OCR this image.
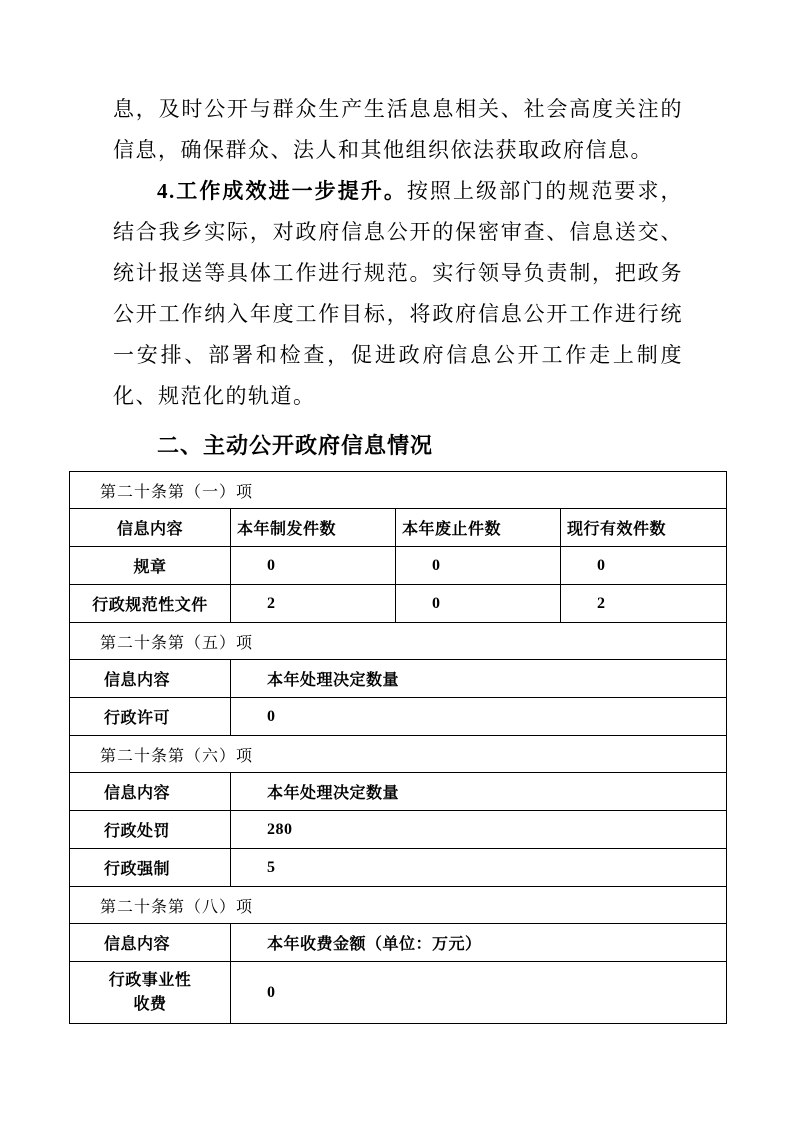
息，及时公开与群众生产生活息息相关、社会高度关注的信息，确保群众、法人和其他组织依法获取政府信息。

4.工作成效进一步提升。按照上级部门的规范要求，结合我乡实际，对政府信息公开的保密审查、信息送交、统计报送等具体工作进行规范。实行领导负责制，把政务公开工作纳入年度工作目标，将政府信息公开工作进行统一安排、部署和检查，促进政府信息公开工作走上制度化、规范化的轨道。

二、主动公开政府信息情况
第二十条第（一）项			
信息内容	本年制发件数	本年废止件数	现行有效件数
规章	0	0	0
行政规范性文件	2	0	2
第二十条第（五）项			
信息内容	本年处理决定数量		
行政许可	0		
第二十条第（六）项			
信息内容	本年处理决定数量		
行政处罚	280		
行政强制	5		
第二十条第（八）项			
信息内容	本年收费金额（单位：万元）		
行政事业性收费	0		
